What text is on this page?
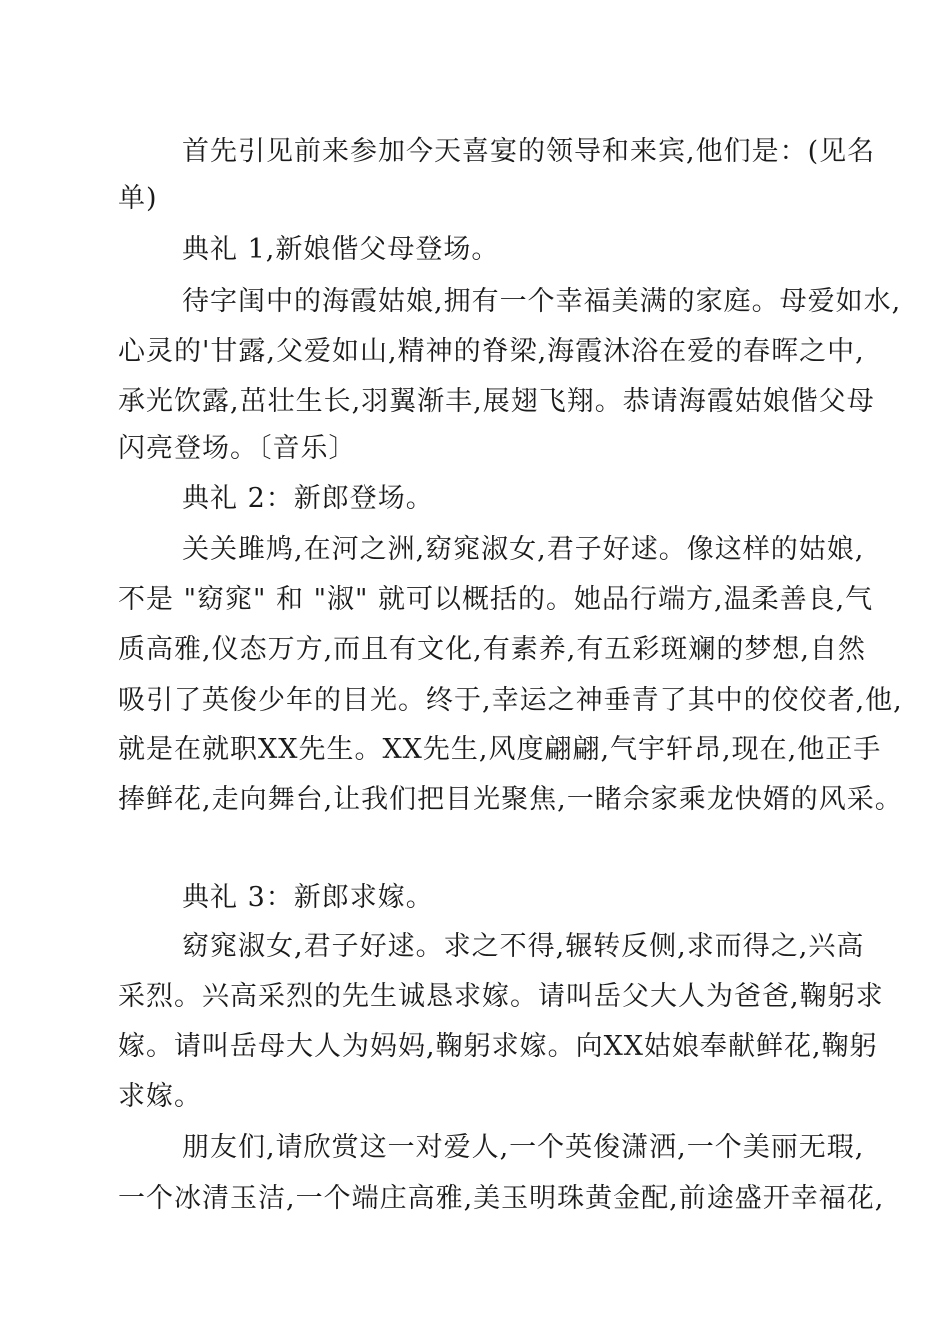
首先引见前来参加今天喜宴的领导和来宾,他们是：(见名
单)
典礼 1,新娘偕父母登场。
待字闺中的海霞姑娘,拥有一个幸福美满的家庭。母爱如水,
心灵的'甘露,父爱如山,精神的脊梁,海霞沐浴在爱的春晖之中,
承光饮露,茁壮生长,羽翼渐丰,展翅飞翔。恭请海霞姑娘偕父母
闪亮登场。〔音乐〕
典礼 2：新郎登场。
关关雎鸠,在河之洲,窈窕淑女,君子好逑。像这样的姑娘,
不是 "窈窕" 和 "淑" 就可以概括的。她品行端方,温柔善良,气
质高雅,仪态万方,而且有文化,有素养,有五彩斑斓的梦想,自然
吸引了英俊少年的目光。终于,幸运之神垂青了其中的佼佼者,他,
就是在就职XX先生。XX先生,风度翩翩,气宇轩昂,现在,他正手
捧鲜花,走向舞台,让我们把目光聚焦,一睹佘家乘龙快婿的风采。
典礼 3：新郎求嫁。
窈窕淑女,君子好逑。求之不得,辗转反侧,求而得之,兴高
采烈。兴高采烈的先生诚恳求嫁。请叫岳父大人为爸爸,鞠躬求
嫁。请叫岳母大人为妈妈,鞠躬求嫁。向XX姑娘奉献鲜花,鞠躬
求嫁。
朋友们,请欣赏这一对爱人,一个英俊潇洒,一个美丽无瑕,
一个冰清玉洁,一个端庄高雅,美玉明珠黄金配,前途盛开幸福花,
